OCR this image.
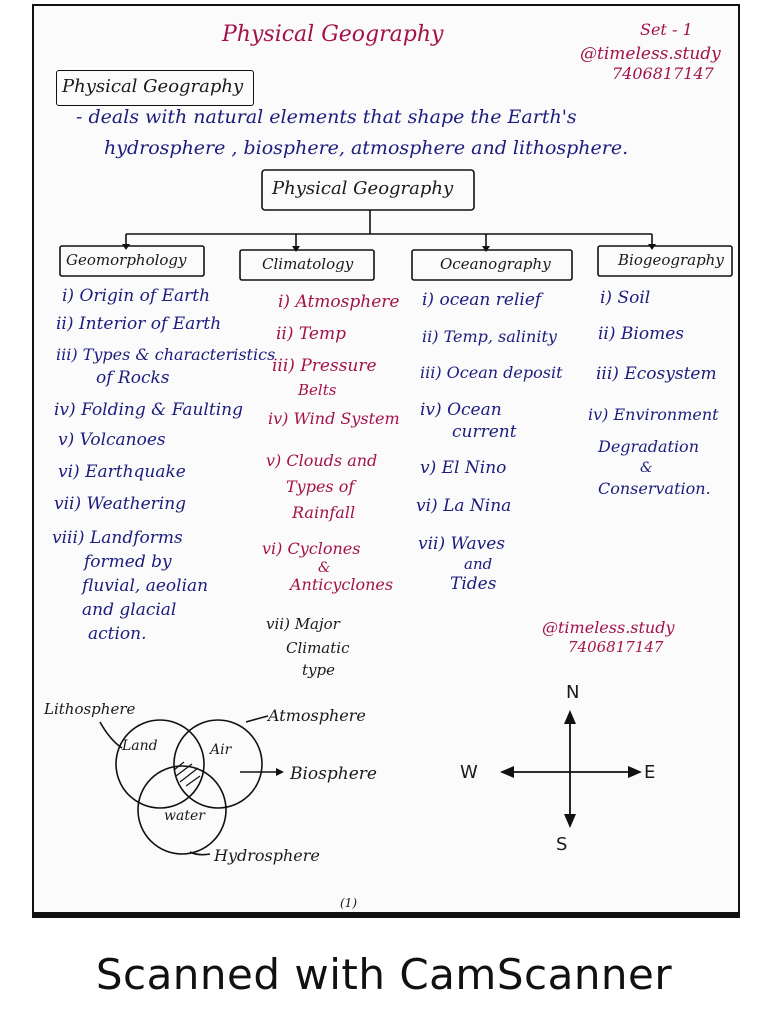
Physical Geography	Set - 1
@timeless.study
7406817147
Physical Geography
- deals with natural elements that shape the Earth's
hydrosphere , biosphere, atmosphere and lithosphere.
Physical Geography
Geomorphology	Climatology	Oceanography	Biogeography
i) Origin of Earth
ii) Interior of Earth
iii) Types & characteristics
of Rocks
iv) Folding & Faulting
v) Volcanoes
vi) Earthquake
vii) Weathering
viii) Landforms
formed by
fluvial, aeolian
and glacial
action.
i) Atmosphere
ii) Temp
iii) Pressure
Belts
iv) Wind System
v) Clouds and
Types of
Rainfall
vi) Cyclones
&
Anticyclones
vii) Major
Climatic
type
i) ocean relief
ii) Temp, salinity
iii) Ocean deposit
iv) Ocean
current
v) El Nino
vi) La Nina
vii) Waves
and
Tides
i) Soil
ii) Biomes
iii) Ecosystem
iv) Environment
Degradation
&
Conservation.
@timeless.study
7406817147
Lithosphere
Land	Air
water
Atmosphere
Biosphere
Hydrosphere
N
S
E
W
(1)
Scanned with CamScanner
